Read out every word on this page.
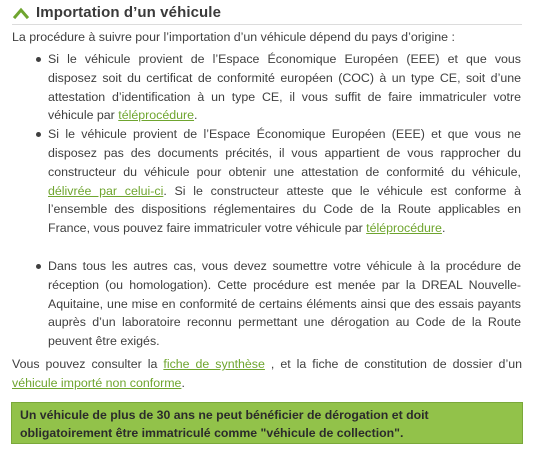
Importation d’un véhicule

La procédure à suivre pour l’importation d’un véhicule dépend du pays d’origine :

Si le véhicule provient de l’Espace Économique Européen (EEE) et que vous disposez soit du certificat de conformité européen (COC) à un type CE, soit d’une attestation d’identification à un type CE, il vous suffit de faire immatriculer votre véhicule par téléprocédure.
Si le véhicule provient de l’Espace Économique Européen (EEE) et que vous ne disposez pas des documents précités, il vous appartient de vous rapprocher du constructeur du véhicule pour obtenir une attestation de conformité du véhicule, délivrée par celui-ci. Si le constructeur atteste que le véhicule est conforme à l’ensemble des dispositions réglementaires du Code de la Route applicables en France, vous pouvez faire immatriculer votre véhicule par téléprocédure.
Dans tous les autres cas, vous devez soumettre votre véhicule à la procédure de réception (ou homologation). Cette procédure est menée par la DREAL Nouvelle-Aquitaine, une mise en conformité de certains éléments ainsi que des essais payants auprès d’un laboratoire reconnu permettant une dérogation au Code de la Route peuvent être exigés.

Vous pouvez consulter la fiche de synthèse , et la fiche de constitution de dossier d’un véhicule importé non conforme.

Un véhicule de plus de 30 ans ne peut bénéficier de dérogation et doit obligatoirement être immatriculé comme "véhicule de collection".
